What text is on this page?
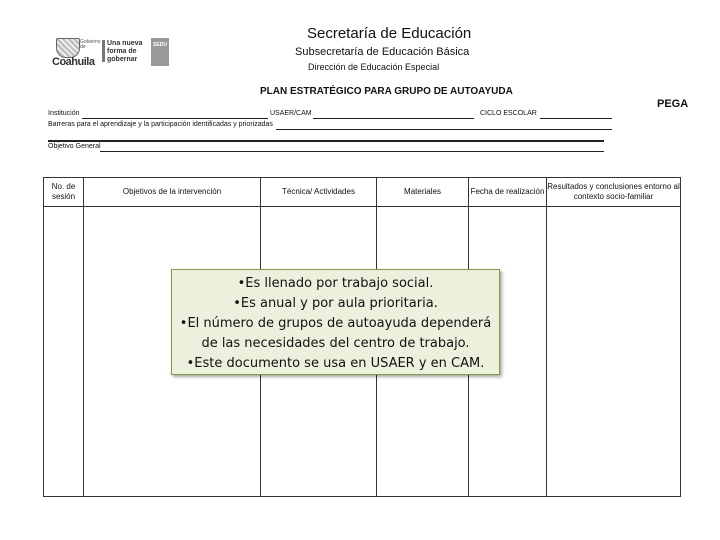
Gobierno de
Coahuila
Una nueva forma de gobernar
SEDU
Secretaría de Educación
Subsecretaría de Educación Básica
Dirección de Educación Especial
PLAN ESTRATÉGICO PARA GRUPO DE AUTOAYUDA
PEGA
Institución	USAER/CAM	CICLO ESCOLAR
Barreras para el aprendizaje y la participación identificadas y priorizadas
Objetivo General
No. de sesión	Objetivos de la intervención	Técnica/ Actividades	Materiales	Fecha de realización	Resultados y conclusiones entorno al contexto socio-familiar

•Es llenado por trabajo social.
•Es anual y por aula prioritaria.
•El número de grupos de autoayuda dependerá
de las necesidades del centro de trabajo.
•Este documento se usa en USAER y en CAM.
